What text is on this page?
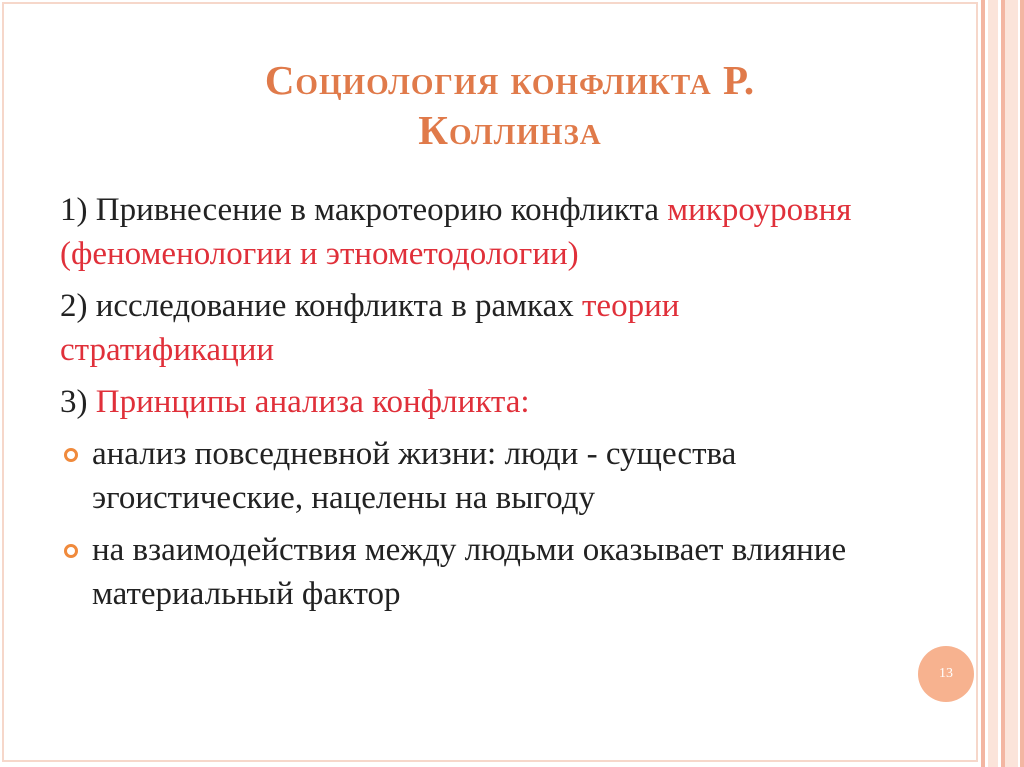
Социология конфликта Р.
Коллинза

1) Привнесение в макротеорию конфликта микроуровня (феноменологии и этнометодологии)

2) исследование конфликта в рамках теории стратификации

3) Принципы анализа конфликта:

анализ повседневной жизни: люди - существа эгоистические, нацелены на выгоду
на взаимодействия между людьми оказывает влияние материальный фактор
13
